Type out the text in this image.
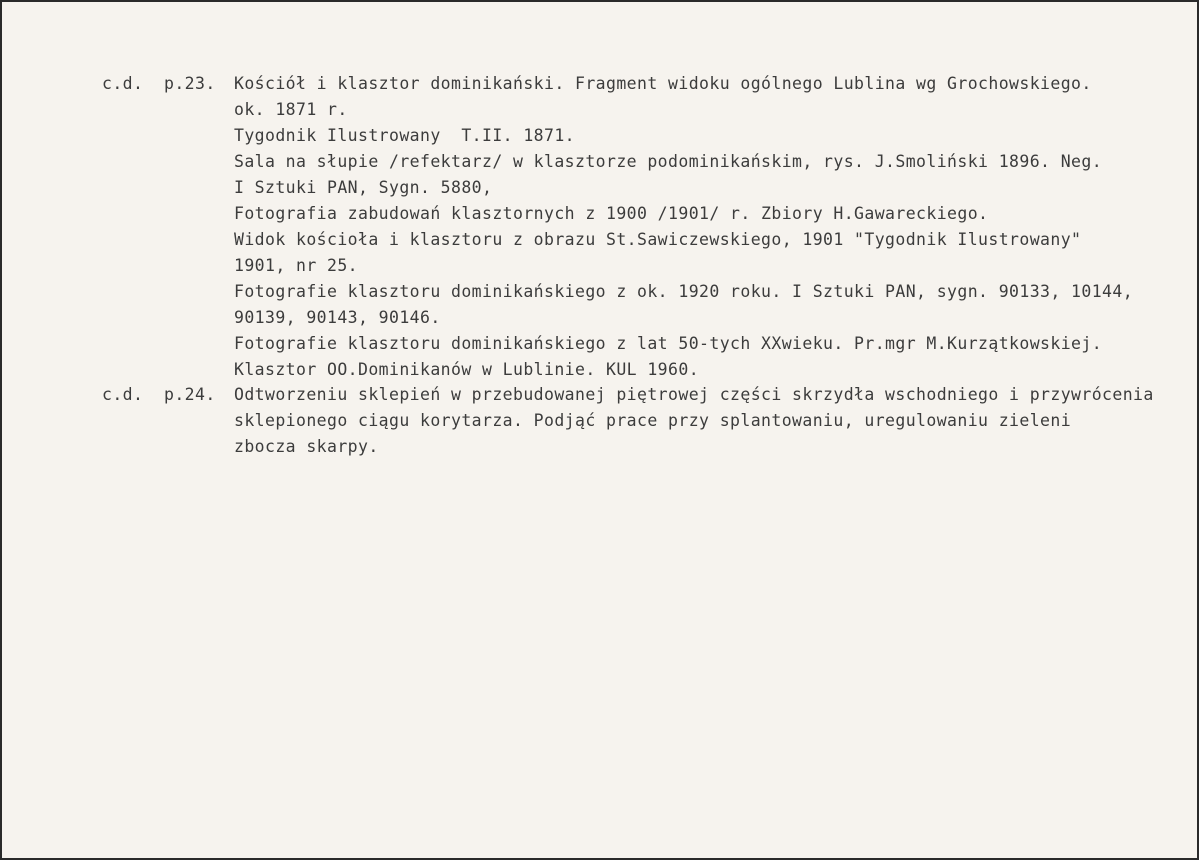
c.d.  p.23. Kościół i klasztor dominikański. Fragment widoku ogólnego Lublina wg Grochowskiego.
ok. 1871 r.
Tygodnik Ilustrowany  T.II. 1871.
Sala na słupie /refektarz/ w klasztorze podominikańskim, rys. J.Smoliński 1896. Neg.
I Sztuki PAN, Sygn. 5880,
Fotografia zabudowań klasztornych z 1900 /1901/ r. Zbiory H.Gawareckiego.
Widok kościoła i klasztoru z obrazu St.Sawiczewskiego, 1901 "Tygodnik Ilustrowany"
1901, nr 25.
Fotografie klasztoru dominikańskiego z ok. 1920 roku. I Sztuki PAN, sygn. 90133, 10144,
90139, 90143, 90146.
Fotografie klasztoru dominikańskiego z lat 50-tych XXwieku. Pr.mgr M.Kurzątkowskiej.
Klasztor OO.Dominikanów w Lublinie. KUL 1960.
c.d.  p.24. Odtworzeniu sklepień w przebudowanej piętrowej części skrzydła wschodniego i przywrócenia
sklepionego ciągu korytarza. Podjąć prace przy splantowaniu, uregulowaniu zieleni
zbocza skarpy.
